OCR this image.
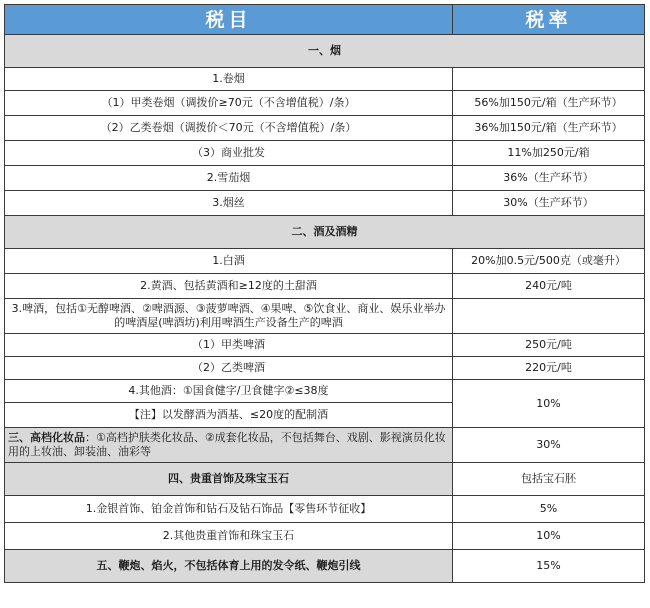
税目	税率
一、烟	
1.卷烟	
（1）甲类卷烟（调拨价≥70元（不含增值税）/条）	56%加150元/箱（生产环节）
（2）乙类卷烟（调拨价＜70元（不含增值税）/条）	36%加150元/箱（生产环节）
（3）商业批发	11%加250元/箱
2.雪茄烟	36%（生产环节）
3.烟丝	30%（生产环节）
二、酒及酒精	
1.白酒	20%加0.5元/500克（或毫升）
2.黄酒、包括黄酒和≥12度的土甜酒	240元/吨
3.啤酒，包括①无醇啤酒、②啤酒源、③菠萝啤酒、④果啤、⑤饮食业、商业、娱乐业举办的啤酒屋(啤酒坊)利用啤酒生产设备生产的啤酒	
（1）甲类啤酒	250元/吨
（2）乙类啤酒	220元/吨
4.其他酒：①国食健字/卫食健字②≤38度	10%
【注】以发酵酒为酒基、≤20度的配制酒	
三、高档化妆品：①高档护肤类化妆品、②成套化妆品，不包括舞台、戏剧、影视演员化妆用的上妆油、卸装油、油彩等	30%
四、贵重首饰及珠宝玉石	包括宝石胚
1.金银首饰、铂金首饰和钻石及钻石饰品【零售环节征收】	5%
2.其他贵重首饰和珠宝玉石	10%
五、鞭炮、焰火，不包括体育上用的发令纸、鞭炮引线	15%
